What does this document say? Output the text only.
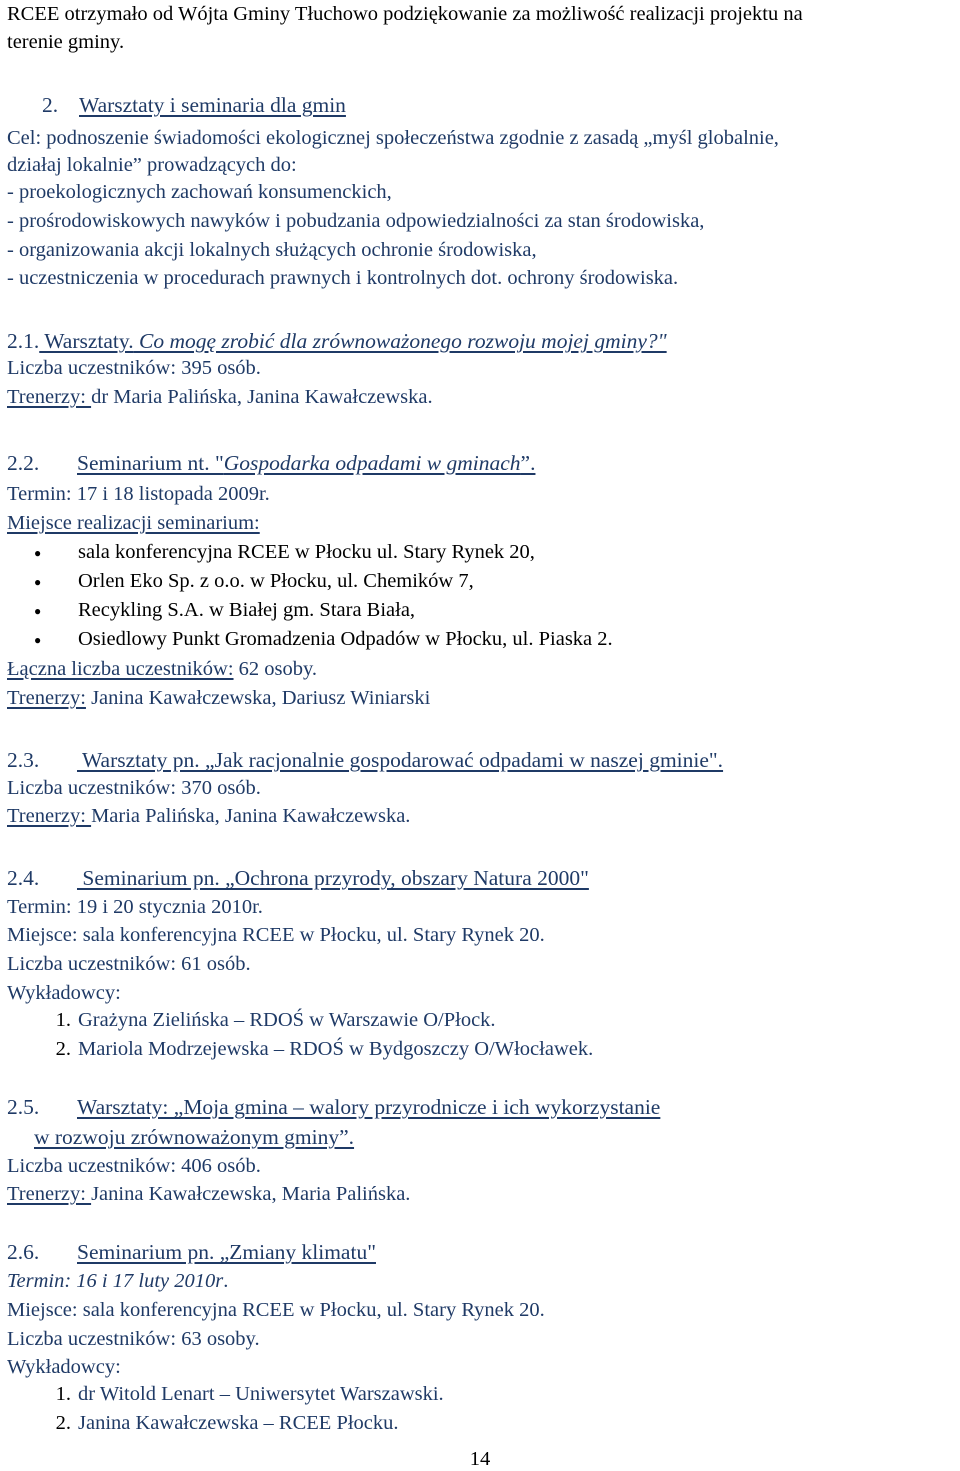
RCEE otrzymało od Wójta Gminy Tłuchowo podziękowanie za możliwość realizacji projektu na
terenie gminy.
2. Warsztaty i seminaria dla gmin
Cel: podnoszenie świadomości ekologicznej społeczeństwa zgodnie z zasadą „myśl globalnie,
działaj lokalnie” prowadzących do:
- proekologicznych zachowań konsumenckich,
- prośrodowiskowych nawyków i pobudzania odpowiedzialności za stan środowiska,
- organizowania akcji lokalnych służących ochronie środowiska,
- uczestniczenia w procedurach prawnych i kontrolnych dot. ochrony środowiska.
2.1. Warsztaty. Co mogę zrobić dla zrównoważonego rozwoju mojej gminy?"
Liczba uczestników: 395 osób.
Trenerzy: dr Maria Palińska, Janina Kawałczewska.
2.2. Seminarium nt. "Gospodarka odpadami w gminach”.
Termin: 17 i 18 listopada 2009r.
Miejsce realizacji seminarium:
● sala konferencyjna RCEE w Płocku ul. Stary Rynek 20,
● Orlen Eko Sp. z o.o. w Płocku, ul. Chemików 7,
● Recykling S.A. w Białej gm. Stara Biała,
● Osiedlowy Punkt Gromadzenia Odpadów w Płocku, ul. Piaska 2.
Łączna liczba uczestników: 62 osoby.
Trenerzy: Janina Kawałczewska, Dariusz Winiarski
2.3. Warsztaty pn. „Jak racjonalnie gospodarować odpadami w naszej gminie".
Liczba uczestników: 370 osób.
Trenerzy: Maria Palińska, Janina Kawałczewska.
2.4. Seminarium pn. „Ochrona przyrody, obszary Natura 2000"
Termin: 19 i 20 stycznia 2010r.
Miejsce: sala konferencyjna RCEE w Płocku, ul. Stary Rynek 20.
Liczba uczestników: 61 osób.
Wykładowcy:
1. Grażyna Zielińska – RDOŚ w Warszawie O/Płock.
2. Mariola Modrzejewska – RDOŚ w Bydgoszczy O/Włocławek.
2.5. Warsztaty: „Moja gmina – walory przyrodnicze i ich wykorzystanie
w rozwoju zrównoważonym gminy”.
Liczba uczestników: 406 osób.
Trenerzy: Janina Kawałczewska, Maria Palińska.
2.6. Seminarium pn. „Zmiany klimatu"
Termin: 16 i 17 luty 2010r.
Miejsce: sala konferencyjna RCEE w Płocku, ul. Stary Rynek 20.
Liczba uczestników: 63 osoby.
Wykładowcy:
1. dr Witold Lenart – Uniwersytet Warszawski.
2. Janina Kawałczewska – RCEE Płocku.
14
